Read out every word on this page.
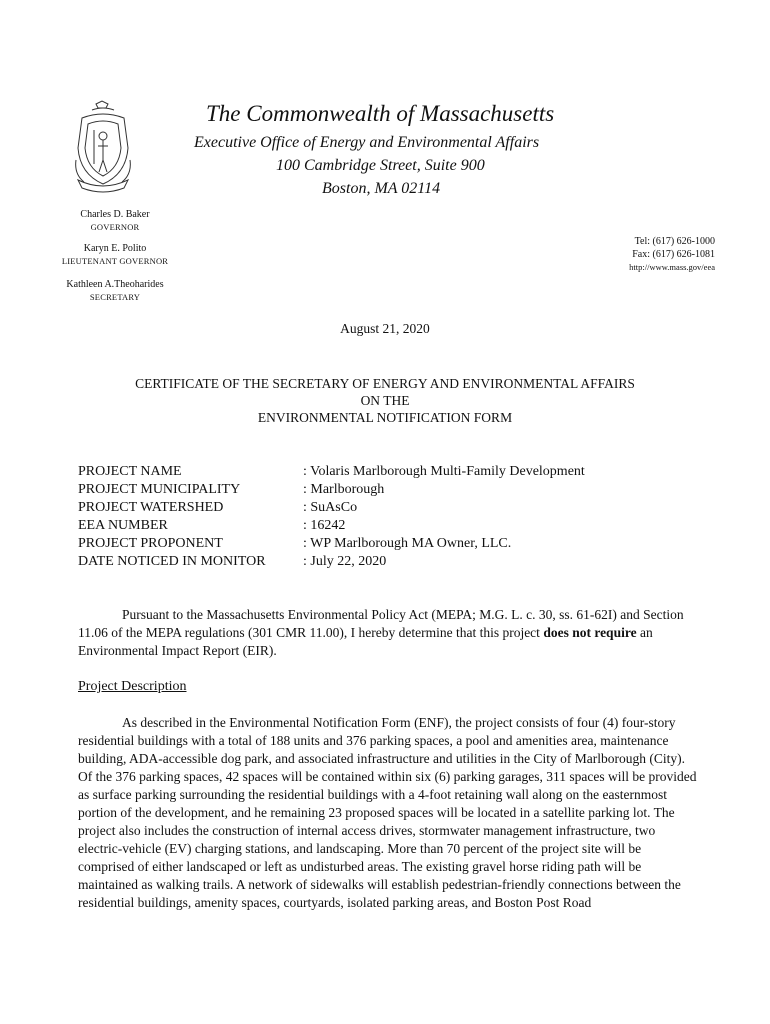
The Commonwealth of Massachusetts
Executive Office of Energy and Environmental Affairs
100 Cambridge Street, Suite 900
Boston, MA 02114
Charles D. Baker
GOVERNOR
Karyn E. Polito
LIEUTENANT GOVERNOR
Kathleen A.Theoharides
SECRETARY
Tel: (617) 626-1000
Fax: (617) 626-1081
http://www.mass.gov/eea
August 21, 2020
CERTIFICATE OF THE SECRETARY OF ENERGY AND ENVIRONMENTAL AFFAIRS
ON THE
ENVIRONMENTAL NOTIFICATION FORM
PROJECT NAME	: Volaris Marlborough Multi-Family Development
PROJECT MUNICIPALITY	: Marlborough
PROJECT WATERSHED	: SuAsCo
EEA NUMBER	: 16242
PROJECT PROPONENT	: WP Marlborough MA Owner, LLC.
DATE NOTICED IN MONITOR	: July 22, 2020
Pursuant to the Massachusetts Environmental Policy Act (MEPA; M.G. L. c. 30, ss. 61-62I) and Section 11.06 of the MEPA regulations (301 CMR 11.00), I hereby determine that this project does not require an Environmental Impact Report (EIR).
Project Description
As described in the Environmental Notification Form (ENF), the project consists of four (4) four-story residential buildings with a total of 188 units and 376 parking spaces, a pool and amenities area, maintenance building, ADA-accessible dog park, and associated infrastructure and utilities in the City of Marlborough (City). Of the 376 parking spaces, 42 spaces will be contained within six (6) parking garages, 311 spaces will be provided as surface parking surrounding the residential buildings with a 4-foot retaining wall along on the easternmost portion of the development, and he remaining 23 proposed spaces will be located in a satellite parking lot. The project also includes the construction of internal access drives, stormwater management infrastructure, two electric-vehicle (EV) charging stations, and landscaping. More than 70 percent of the project site will be comprised of either landscaped or left as undisturbed areas. The existing gravel horse riding path will be maintained as walking trails. A network of sidewalks will establish pedestrian-friendly connections between the residential buildings, amenity spaces, courtyards, isolated parking areas, and Boston Post Road
